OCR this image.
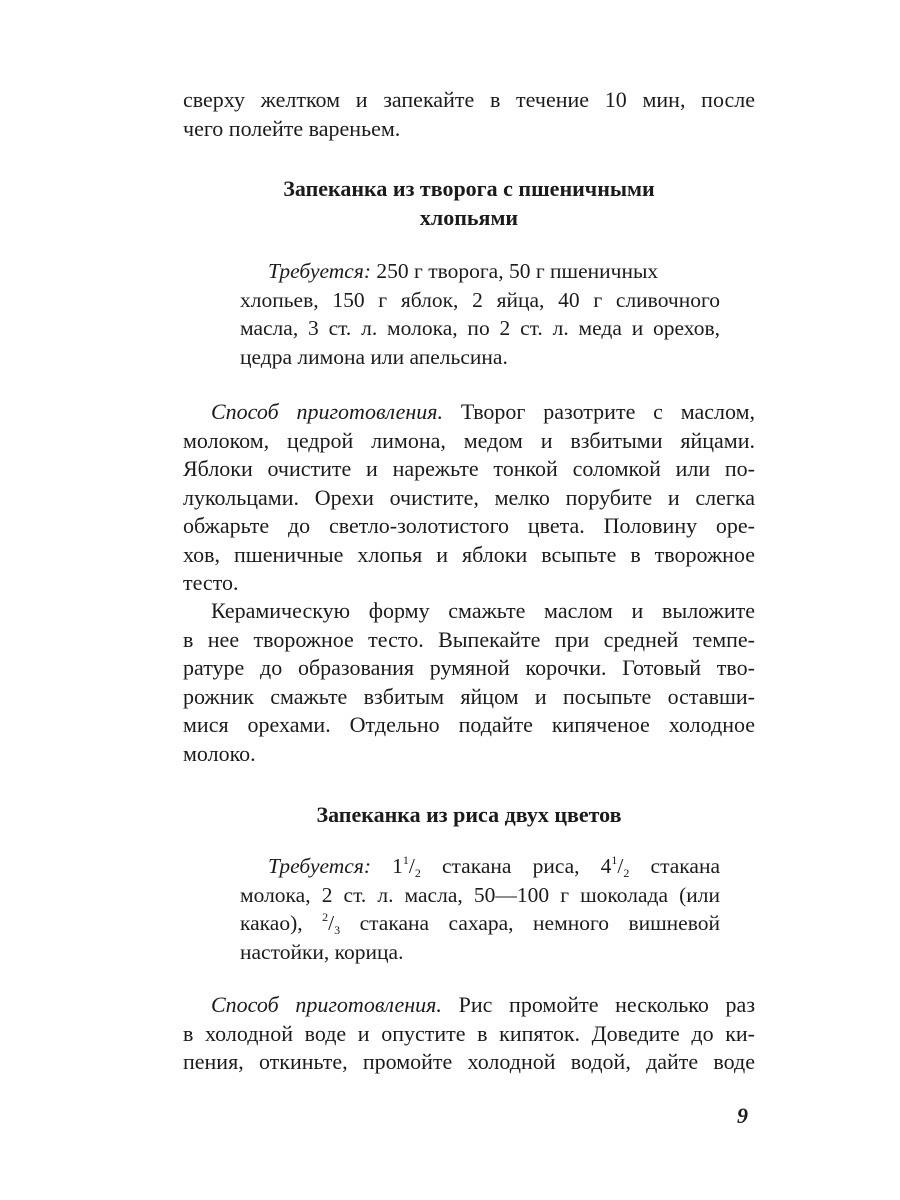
сверху желтком и запекайте в течение 10 мин, после
чего полейте вареньем.
Запеканка из творога с пшеничными
хлопьями
Требуется: 250 г творога, 50 г пшеничных
хлопьев, 150 г яблок, 2 яйца, 40 г сливочного
масла, 3 ст. л. молока, по 2 ст. л. меда и орехов,
цедра лимона или апельсина.
Способ приготовления. Творог разотрите с маслом,
молоком, цедрой лимона, медом и взбитыми яйцами.
Яблоки очистите и нарежьте тонкой соломкой или по-
лукольцами. Орехи очистите, мелко порубите и слегка
обжарьте до светло-золотистого цвета. Половину оре-
хов, пшеничные хлопья и яблоки всыпьте в творожное
тесто.
Керамическую форму смажьте маслом и выложите
в нее творожное тесто. Выпекайте при средней темпе-
ратуре до образования румяной корочки. Готовый тво-
рожник смажьте взбитым яйцом и посыпьте оставши-
мися орехами. Отдельно подайте кипяченое холодное
молоко.
Запеканка из риса двух цветов
Требуется: $1^1/_2$ стакана риса, $4^1/_2$ стакана
молока, 2 ст. л. масла, 50—100 г шоколада (или
какао), $^2/_3$ стакана сахара, немного вишневой
настойки, корица.
Способ приготовления. Рис промойте несколько раз
в холодной воде и опустите в кипяток. Доведите до ки-
пения, откиньте, промойте холодной водой, дайте воде
9
